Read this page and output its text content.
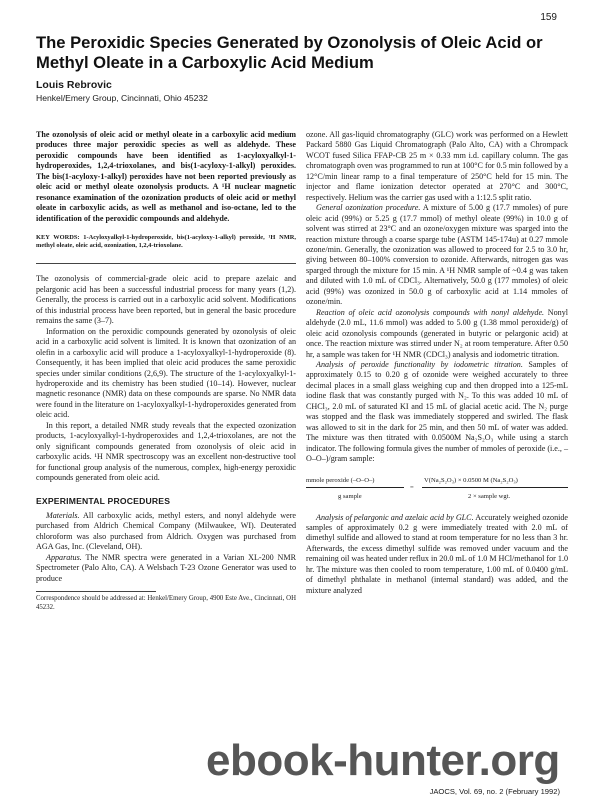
159
The Peroxidic Species Generated by Ozonolysis of Oleic Acid or Methyl Oleate in a Carboxylic Acid Medium
Louis Rebrovic
Henkel/Emery Group, Cincinnati, Ohio 45232

The ozonolysis of oleic acid or methyl oleate in a carboxylic acid medium produces three major peroxidic species as well as aldehyde. These peroxidic compounds have been identified as 1-acyloxyalkyl-1-hydroperoxides, 1,2,4-trioxolanes, and bis(1-acyloxy-1-alkyl) peroxides. The bis(1-acyloxy-1-alkyl) peroxides have not been reported previously as oleic acid or methyl oleate ozonolysis products. A ¹H nuclear magnetic resonance examination of the ozonization products of oleic acid or methyl oleate in carboxylic acids, as well as methanol and iso-octane, led to the identification of the peroxidic compounds and aldehyde.

KEY WORDS: 1-Acyloxyalkyl-1-hydroperoxide, bis(1-acyloxy-1-alkyl) peroxide, ¹H NMR, methyl oleate, oleic acid, ozonization, 1,2,4-trioxolane.

The ozonolysis of commercial-grade oleic acid to prepare azelaic and pelargonic acid has been a successful industrial process for many years (1,2). Generally, the process is carried out in a carboxylic acid solvent. Modifications of this industrial process have been reported, but in general the basic procedure remains the same (3–7).

Information on the peroxidic compounds generated by ozonolysis of oleic acid in a carboxylic acid solvent is limited. It is known that ozonization of an olefin in a carboxylic acid will produce a 1-acyloxyalkyl-1-hydroperoxide (8). Consequently, it has been implied that oleic acid produces the same peroxidic species under similar conditions (2,6,9). The structure of the 1-acyloxyalkyl-1-hydroperoxide and its chemistry has been studied (10–14). However, nuclear magnetic resonance (NMR) data on these compounds are sparse. No NMR data were found in the literature on 1-acyloxyalkyl-1-hydroperoxides generated from oleic acid.

In this report, a detailed NMR study reveals that the expected ozonization products, 1-acyloxyalkyl-1-hydroperoxides and 1,2,4-trioxolanes, are not the only significant compounds generated from ozonolysis of oleic acid in carboxylic acids. ¹H NMR spectroscopy was an excellent non-destructive tool for functional group analysis of the numerous, complex, high-energy peroxidic compounds generated from oleic acid.

EXPERIMENTAL PROCEDURES

Materials. All carboxylic acids, methyl esters, and nonyl aldehyde were purchased from Aldrich Chemical Company (Milwaukee, WI). Deuterated chloroform was also purchased from Aldrich. Oxygen was purchased from AGA Gas, Inc. (Cleveland, OH).

Apparatus. The NMR spectra were generated in a Varian XL-200 NMR Spectrometer (Palo Alto, CA). A Welsbach T-23 Ozone Generator was used to produce

Correspondence should be addressed at: Henkel/Emery Group, 4900 Este Ave., Cincinnati, OH 45232.

ozone. All gas-liquid chromatography (GLC) work was performed on a Hewlett Packard 5880 Gas Liquid Chromatograph (Palo Alto, CA) with a Chrompack WCOT fused Silica FFAP-CB 25 m × 0.33 mm i.d. capillary column. The gas chromatograph oven was programmed to run at 100°C for 0.5 min followed by a 12°C/min linear ramp to a final temperature of 250°C held for 15 min. The injector and flame ionization detector operated at 270°C and 300°C, respectively. Helium was the carrier gas used with a 1:12.5 split ratio.

General ozonization procedure. A mixture of 5.00 g (17.7 mmoles) of pure oleic acid (99%) or 5.25 g (17.7 mmol) of methyl oleate (99%) in 10.0 g of solvent was stirred at 23°C and an ozone/oxygen mixture was sparged into the reaction mixture through a coarse sparge tube (ASTM 145-174u) at 0.27 mmole ozone/min. Generally, the ozonization was allowed to proceed for 2.5 to 3.0 hr, giving between 80–100% conversion to ozonide. Afterwards, nitrogen gas was sparged through the mixture for 15 min. A ¹H NMR sample of ~0.4 g was taken and diluted with 1.0 mL of CDCl₃. Alternatively, 50.0 g (177 mmoles) of oleic acid (99%) was ozonized in 50.0 g of carboxylic acid at 1.14 mmoles of ozone/min.

Reaction of oleic acid ozonolysis compounds with nonyl aldehyde. Nonyl aldehyde (2.0 mL, 11.6 mmol) was added to 5.00 g (1.38 mmol peroxide/g) of oleic acid ozonolysis compounds (generated in butyric or pelargonic acid) at once. The reaction mixture was stirred under N₂ at room temperature. After 0.50 hr, a sample was taken for ¹H NMR (CDCl₃) analysis and iodometric titration.

Analysis of peroxide functionality by iodometric titration. Samples of approximately 0.15 to 0.20 g of ozonide were weighed accurately to three decimal places in a small glass weighing cup and then dropped into a 125-mL iodine flask that was constantly purged with N₂. To this was added 10 mL of CHCl₃, 2.0 mL of saturated KI and 15 mL of glacial acetic acid. The N₂ purge was stopped and the flask was immediately stoppered and swirled. The flask was allowed to sit in the dark for 25 min, and then 50 mL of water was added. The mixture was then titrated with 0.0500M Na₂S₂O₃ while using a starch indicator. The following formula gives the number of mmoles of peroxide (i.e., –O–O–)/gram sample:

mmole peroxide (–O–O–)
g sample
=
V(Na₂S₂O₃) × 0.0500 M (Na₂S₂O₃)
2 × sample wgt.

Analysis of pelargonic and azelaic acid by GLC. Accurately weighed ozonide samples of approximately 0.2 g were immediately treated with 2.0 mL of dimethyl sulfide and allowed to stand at room temperature for no less than 3 hr. Afterwards, the excess dimethyl sulfide was removed under vacuum and the remaining oil was heated under reflux in 20.0 mL of 1.0 M HCl/methanol for 1.0 hr. The mixture was then cooled to room temperature, 1.00 mL of 0.0400 g/mL of dimethyl phthalate in methanol (internal standard) was added, and the mixture analyzed

ebook-hunter.org
JAOCS, Vol. 69, no. 2 (February 1992)
